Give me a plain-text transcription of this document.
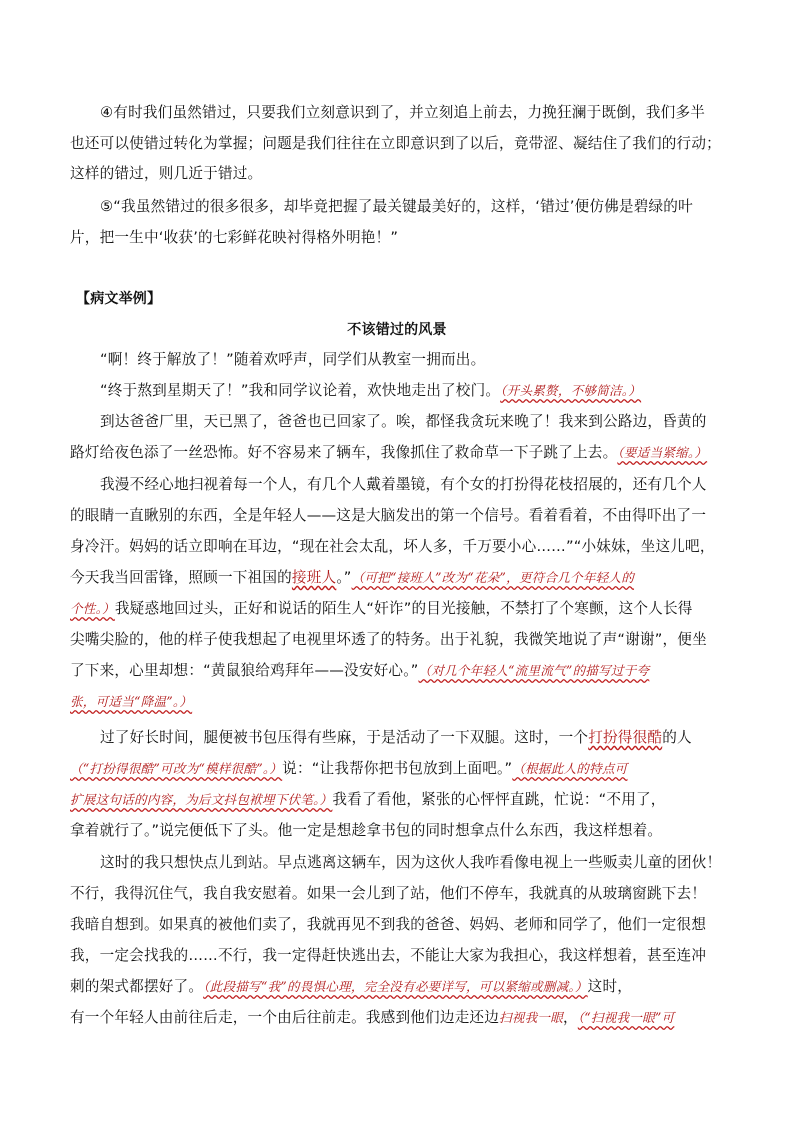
④有时我们虽然错过，只要我们立刻意识到了，并立刻追上前去，力挽狂澜于既倒，我们多半
也还可以使错过转化为掌握；问题是我们往往在立即意识到了以后，竟带涩、凝结住了我们的行动；
这样的错过，则几近于错过。
⑤“我虽然错过的很多很多，却毕竟把握了最关键最美好的，这样，‘错过’便仿佛是碧绿的叶
片，把一生中‘收获’的七彩鲜花映衬得格外明艳！”
【病文举例】
不该错过的风景
“啊！终于解放了！”随着欢呼声，同学们从教室一拥而出。
“终于熬到星期天了！”我和同学议论着，欢快地走出了校门。（开头累赘，不够简洁。）
到达爸爸厂里，天已黑了，爸爸也已回家了。唉，都怪我贪玩来晚了！我来到公路边，昏黄的
路灯给夜色添了一丝恐怖。好不容易来了辆车，我像抓住了救命草一下子跳了上去。（要适当紧缩。）
我漫不经心地扫视着每一个人，有几个人戴着墨镜，有个女的打扮得花枝招展的，还有几个人
的眼睛一直瞅别的东西，全是年轻人——这是大脑发出的第一个信号。看着看着，不由得吓出了一
身冷汗。妈妈的话立即响在耳边，“现在社会太乱，坏人多，千万要小心……”“小妹妹，坐这儿吧，
今天我当回雷锋，照顾一下祖国的接班人。”（可把“接班人”改为“花朵”，更符合几个年轻人的
个性。）我疑惑地回过头，正好和说话的陌生人“奸诈”的目光接触，不禁打了个寒颤，这个人长得
尖嘴尖脸的，他的样子使我想起了电视里坏透了的特务。出于礼貌，我微笑地说了声“谢谢”，便坐
了下来，心里却想：“黄鼠狼给鸡拜年——没安好心。”（对几个年轻人“流里流气”的描写过于夸
张，可适当“降温”。）
过了好长时间，腿便被书包压得有些麻，于是活动了一下双腿。这时，一个打扮得很酷的人
（“打扮得很酷”可改为“模样很酷”。）说：“让我帮你把书包放到上面吧。”（根据此人的特点可
扩展这句话的内容，为后文抖包袱埋下伏笔。）我看了看他，紧张的心怦怦直跳，忙说：“不用了，
拿着就行了。”说完便低下了头。他一定是想趁拿书包的同时想拿点什么东西，我这样想着。
这时的我只想快点儿到站。早点逃离这辆车，因为这伙人我咋看像电视上一些贩卖儿童的团伙！
不行，我得沉住气，我自我安慰着。如果一会儿到了站，他们不停车，我就真的从玻璃窗跳下去！
我暗自想到。如果真的被他们卖了，我就再见不到我的爸爸、妈妈、老师和同学了，他们一定很想
我，一定会找我的……不行，我一定得赶快逃出去，不能让大家为我担心，我这样想着，甚至连冲
刺的架式都摆好了。（此段描写“我”的畏惧心理，完全没有必要详写，可以紧缩或删减。）这时，
有一个年轻人由前往后走，一个由后往前走。我感到他们边走还边扫视我一眼，（“扫视我一眼”可
